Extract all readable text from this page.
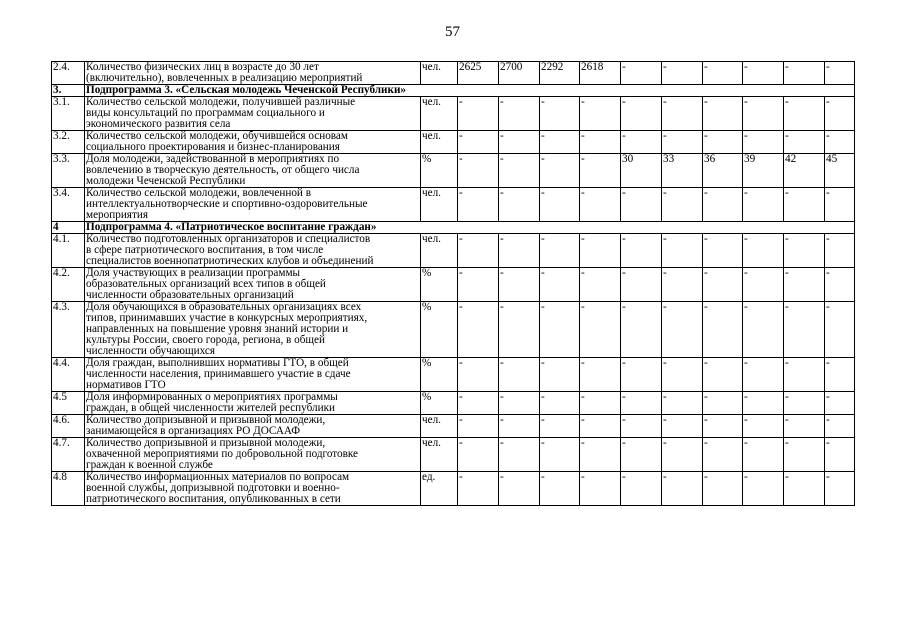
57
2.4.	Количество физических лиц в возрасте до 30 лет
(включительно), вовлеченных в реализацию мероприятий	чел.	2625	2700	2292	2618	-	-	-	-	-	-
3.	Подпрограмма 3. «Сельская молодежь Чеченской Республики»											
3.1.	Количество сельской молодежи, получившей различные
виды консультаций по программам социального и
экономического развития села	чел.	-	-	-	-	-	-	-	-	-	-
3.2.	Количество сельской молодежи, обучившейся основам
социального проектирования и бизнес-планирования	чел.	-	-	-	-	-	-	-	-	-	-
3.3.	Доля молодежи, задействованной в мероприятиях по
вовлечению в творческую деятельность, от общего числа
молодежи Чеченской Республики	%	-	-	-	-	30	33	36	39	42	45
3.4.	Количество сельской молодежи, вовлеченной в
интеллектуальнотворческие и спортивно-оздоровительные
мероприятия	чел.	-	-	-	-	-	-	-	-	-	-
4	Подпрограмма 4. «Патриотическое воспитание граждан»											
4.1.	Количество подготовленных организаторов и специалистов
в сфере патриотического воспитания, в том числе
специалистов военнопатриотических клубов и объединений	чел.	-	-	-	-	-	-	-	-	-	-
4.2.	Доля участвующих в реализации программы
образовательных организаций всех типов в общей
численности образовательных организаций	%	-	-	-	-	-	-	-	-	-	-
4.3.	Доля обучающихся в образовательных организациях всех
типов, принимавших участие в конкурсных мероприятиях,
направленных на повышение уровня знаний истории и
культуры России, своего города, региона, в общей
численности обучающихся	%	-	-	-	-	-	-	-	-	-	-
4.4.	Доля граждан, выполнивших нормативы ГТО, в общей
численности населения, принимавшего участие в сдаче
нормативов ГТО	%	-	-	-	-	-	-	-	-	-	-
4.5	Доля информированных о мероприятиях программы
граждан, в общей численности жителей республики	%	-	-	-	-	-	-	-	-	-	-
4.6.	Количество допризывной и призывной молодежи,
занимающейся в организациях РО ДОСААФ	чел.	-	-	-	-	-	-	-	-	-	-
4.7.	Количество допризывной и призывной молодежи,
охваченной мероприятиями по добровольной подготовке
граждан к военной службе	чел.	-	-	-	-	-	-	-	-	-	-
4.8	Количество информационных материалов по вопросам
военной службы, допризывной подготовки и военно-
патриотического воспитания, опубликованных в сети	ед.	-	-	-	-	-	-	-	-	-	-
